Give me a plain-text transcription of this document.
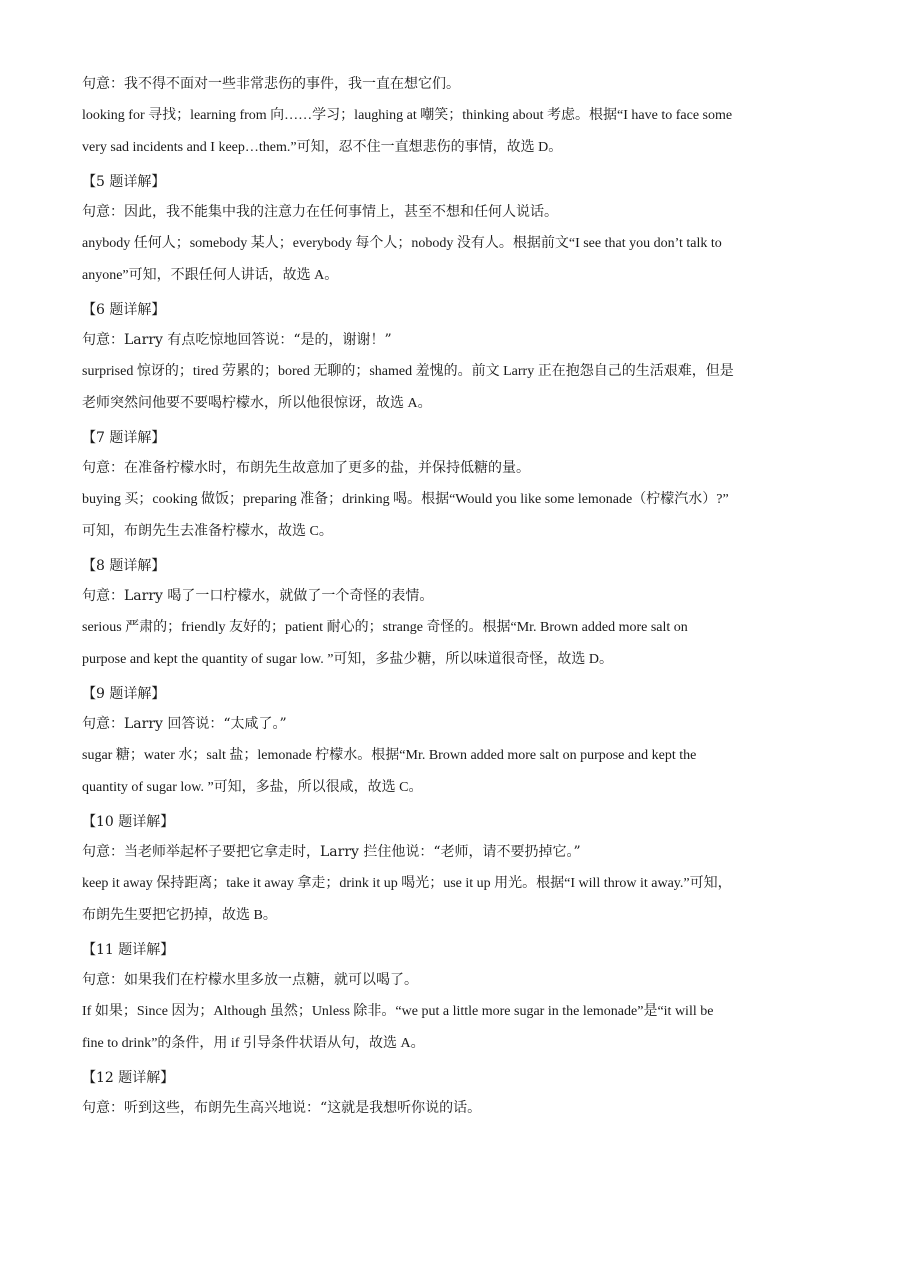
句意：我不得不面对一些非常悲伤的事件，我一直在想它们。
looking for 寻找；learning from 向……学习；laughing at 嘲笑；thinking about 考虑。根据“I have to face some
very sad incidents and I keep…them.”可知，忍不住一直想悲伤的事情，故选 D。
【5 题详解】
句意：因此，我不能集中我的注意力在任何事情上，甚至不想和任何人说话。
anybody 任何人；somebody 某人；everybody 每个人；nobody 没有人。根据前文“I see that you don’t talk to
anyone”可知，不跟任何人讲话，故选 A。
【6 题详解】
句意：Larry 有点吃惊地回答说：“是的，谢谢！”
surprised 惊讶的；tired 劳累的；bored 无聊的；shamed 羞愧的。前文 Larry 正在抱怨自己的生活艰难，但是
老师突然问他要不要喝柠檬水，所以他很惊讶，故选 A。
【7 题详解】
句意：在准备柠檬水时，布朗先生故意加了更多的盐，并保持低糖的量。
buying 买；cooking 做饭；preparing 准备；drinking 喝。根据“Would you like some lemonade（柠檬汽水）?”
可知，布朗先生去准备柠檬水，故选 C。
【8 题详解】
句意：Larry 喝了一口柠檬水，就做了一个奇怪的表情。
serious 严肃的；friendly 友好的；patient 耐心的；strange 奇怪的。根据“Mr. Brown added more salt on
purpose and kept the quantity of sugar low. ”可知，多盐少糖，所以味道很奇怪，故选 D。
【9 题详解】
句意：Larry 回答说：“太咸了。”
sugar 糖；water 水；salt 盐；lemonade 柠檬水。根据“Mr. Brown added more salt on purpose and kept the
quantity of sugar low. ”可知，多盐，所以很咸，故选 C。
【10 题详解】
句意：当老师举起杯子要把它拿走时，Larry 拦住他说：“老师，请不要扔掉它。”
keep it away 保持距离；take it away 拿走；drink it up 喝光；use it up 用光。根据“I will throw it away.”可知，
布朗先生要把它扔掉，故选 B。
【11 题详解】
句意：如果我们在柠檬水里多放一点糖，就可以喝了。
If 如果；Since 因为；Although 虽然；Unless 除非。“we put a little more sugar in the lemonade”是“it will be
fine to drink”的条件，用 if 引导条件状语从句，故选 A。
【12 题详解】
句意：听到这些，布朗先生高兴地说：“这就是我想听你说的话。
